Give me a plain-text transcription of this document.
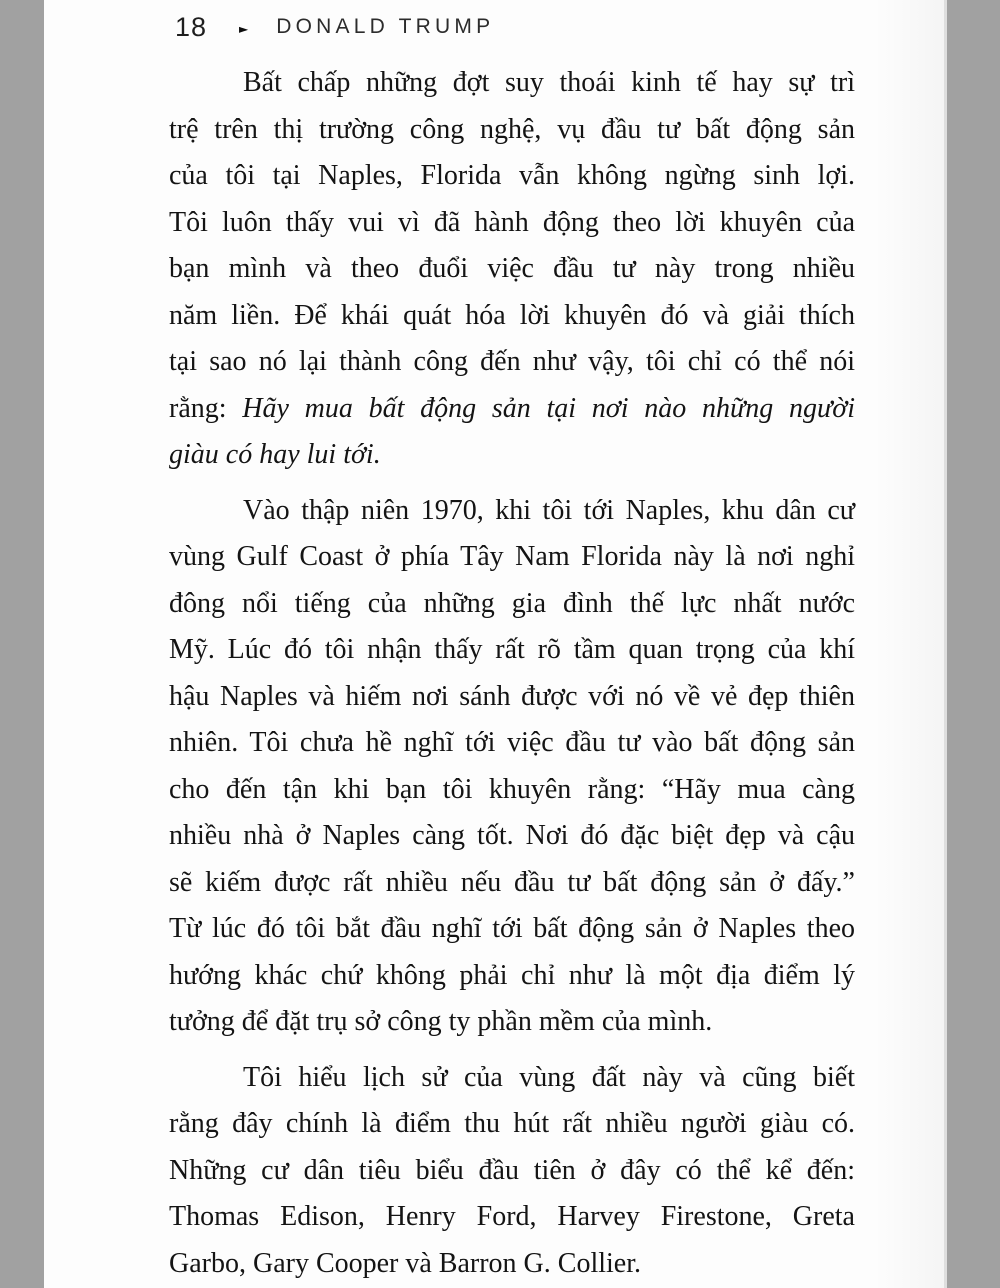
18	► DONALD TRUMP
Bất chấp những đợt suy thoái kinh tế hay sự trì
trệ trên thị trường công nghệ, vụ đầu tư bất động sản
của tôi tại Naples, Florida vẫn không ngừng sinh lợi.
Tôi luôn thấy vui vì đã hành động theo lời khuyên của
bạn mình và theo đuổi việc đầu tư này trong nhiều
năm liền. Để khái quát hóa lời khuyên đó và giải thích
tại sao nó lại thành công đến như vậy, tôi chỉ có thể nói
rằng: Hãy mua bất động sản tại nơi nào những người
giàu có hay lui tới.
Vào thập niên 1970, khi tôi tới Naples, khu dân cư
vùng Gulf Coast ở phía Tây Nam Florida này là nơi nghỉ
đông nổi tiếng của những gia đình thế lực nhất nước
Mỹ. Lúc đó tôi nhận thấy rất rõ tầm quan trọng của khí
hậu Naples và hiếm nơi sánh được với nó về vẻ đẹp thiên
nhiên. Tôi chưa hề nghĩ tới việc đầu tư vào bất động sản
cho đến tận khi bạn tôi khuyên rằng: “Hãy mua càng
nhiều nhà ở Naples càng tốt. Nơi đó đặc biệt đẹp và cậu
sẽ kiếm được rất nhiều nếu đầu tư bất động sản ở đấy.”
Từ lúc đó tôi bắt đầu nghĩ tới bất động sản ở Naples theo
hướng khác chứ không phải chỉ như là một địa điểm lý
tưởng để đặt trụ sở công ty phần mềm của mình.
Tôi hiểu lịch sử của vùng đất này và cũng biết
rằng đây chính là điểm thu hút rất nhiều người giàu có.
Những cư dân tiêu biểu đầu tiên ở đây có thể kể đến:
Thomas Edison, Henry Ford, Harvey Firestone, Greta
Garbo, Gary Cooper và Barron G. Collier.
